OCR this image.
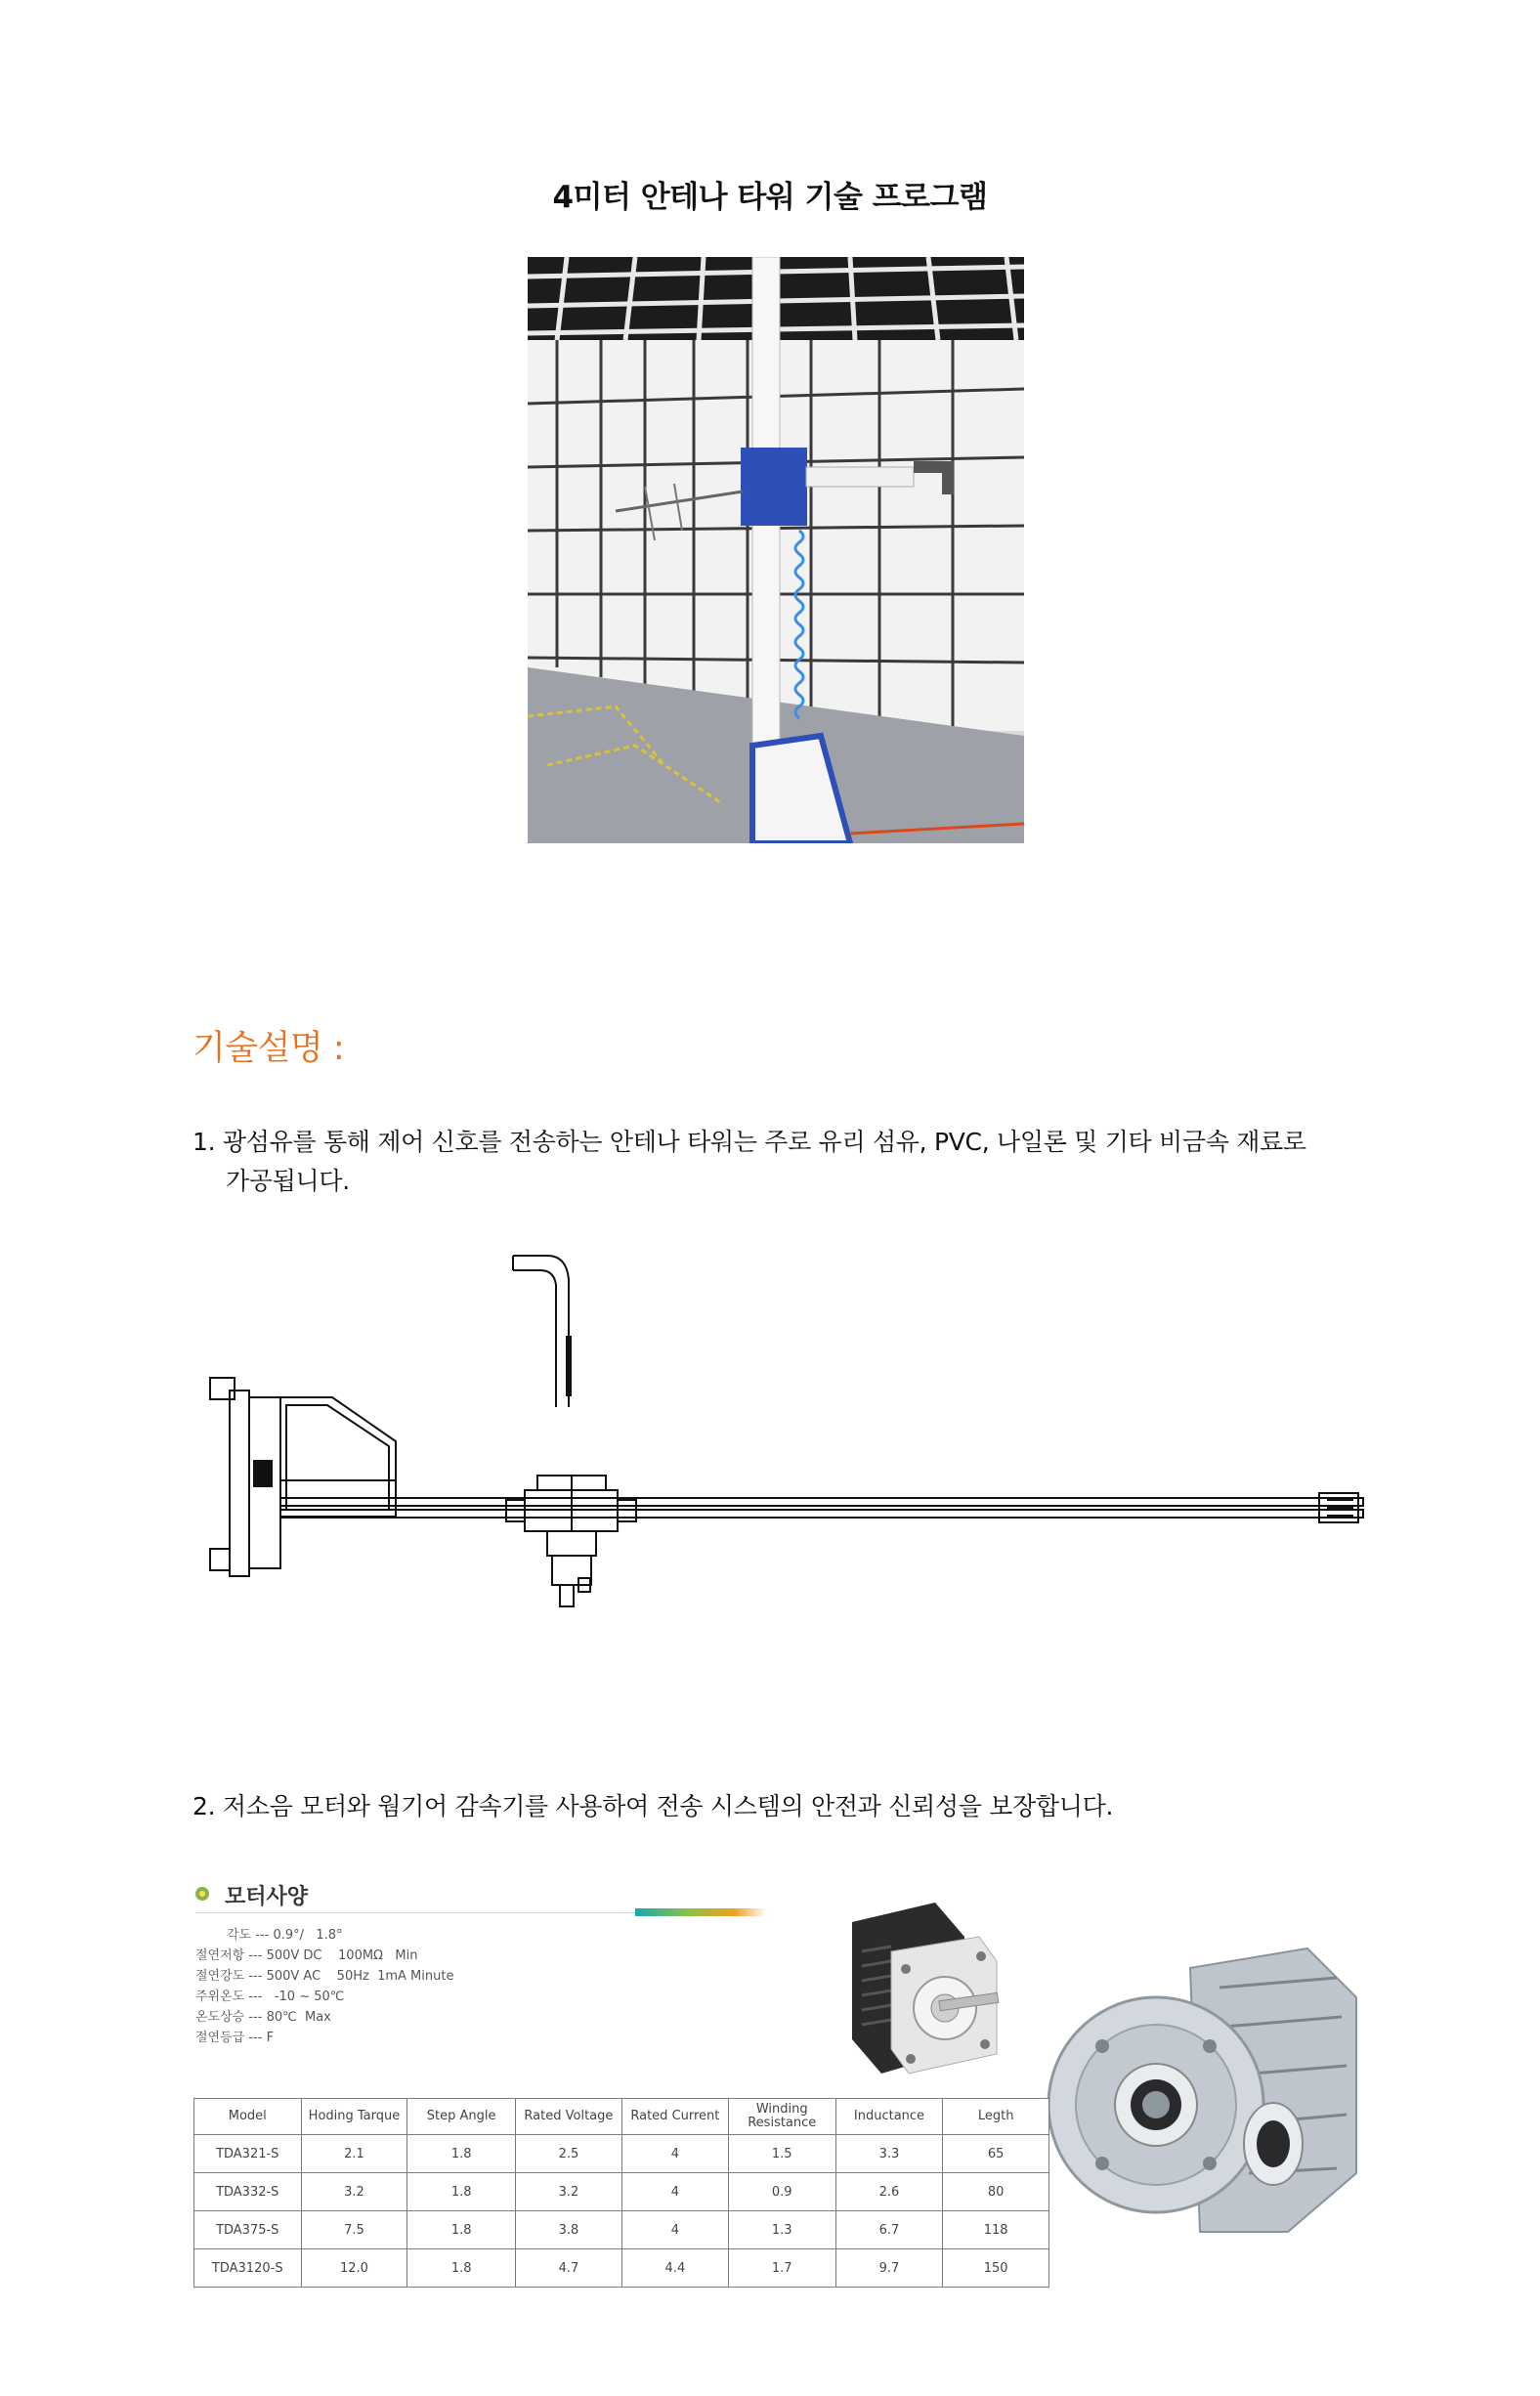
4미터 안테나 타워 기술 프로그램
기술설명 :
1. 광섬유를 통해 제어 신호를 전송하는 안테나 타워는 주로 유리 섬유, PVC, 나일론 및 기타 비금속 재료로
가공됩니다.
2. 저소음 모터와 웜기어 감속기를 사용하여 전송 시스템의 안전과 신뢰성을 보장합니다.
모터사양
각도 --- 0.9°/   1.8°
절연저항 --- 500V DC    100MΩ   Min
절연강도 --- 500V AC    50Hz  1mA Minute
주위온도 ---   -10 ~ 50℃
온도상승 --- 80℃  Max
절연등급 --- F
Model	Hoding Tarque	Step Angle	Rated Voltage	Rated Current	Winding Resistance	Inductance	Legth
TDA321-S	2.1	1.8	2.5	4	1.5	3.3	65
TDA332-S	3.2	1.8	3.2	4	0.9	2.6	80
TDA375-S	7.5	1.8	3.8	4	1.3	6.7	118
TDA3120-S	12.0	1.8	4.7	4.4	1.7	9.7	150
